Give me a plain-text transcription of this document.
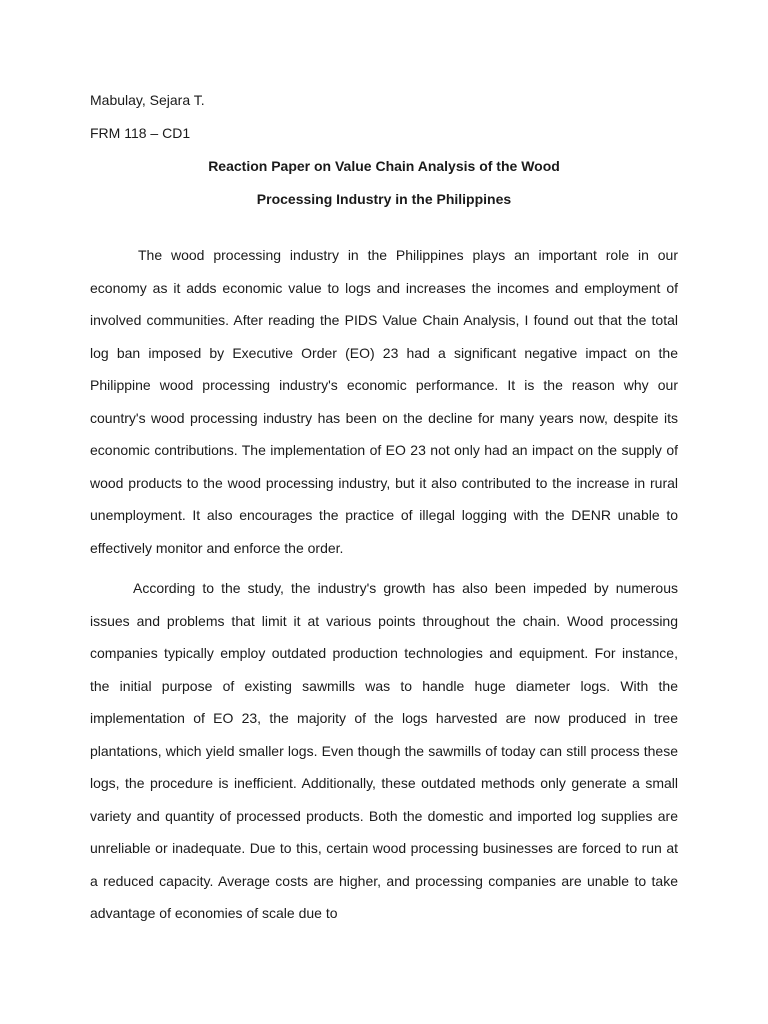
Mabulay, Sejara T.
FRM 118 – CD1
Reaction Paper on Value Chain Analysis of the Wood
Processing Industry in the Philippines

The wood processing industry in the Philippines plays an important role in our economy as it adds economic value to logs and increases the incomes and employment of involved communities. After reading the PIDS Value Chain Analysis, I found out that the total log ban imposed by Executive Order (EO) 23 had a significant negative impact on the Philippine wood processing industry's economic performance. It is the reason why our country's wood processing industry has been on the decline for many years now, despite its economic contributions. The implementation of EO 23 not only had an impact on the supply of wood products to the wood processing industry, but it also contributed to the increase in rural unemployment. It also encourages the practice of illegal logging with the DENR unable to effectively monitor and enforce the order.

According to the study, the industry's growth has also been impeded by numerous issues and problems that limit it at various points throughout the chain. Wood processing companies typically employ outdated production technologies and equipment. For instance, the initial purpose of existing sawmills was to handle huge diameter logs. With the implementation of EO 23, the majority of the logs harvested are now produced in tree plantations, which yield smaller logs. Even though the sawmills of today can still process these logs, the procedure is inefficient. Additionally, these outdated methods only generate a small variety and quantity of processed products. Both the domestic and imported log supplies are unreliable or inadequate. Due to this, certain wood processing businesses are forced to run at a reduced capacity. Average costs are higher, and processing companies are unable to take advantage of economies of scale due to
